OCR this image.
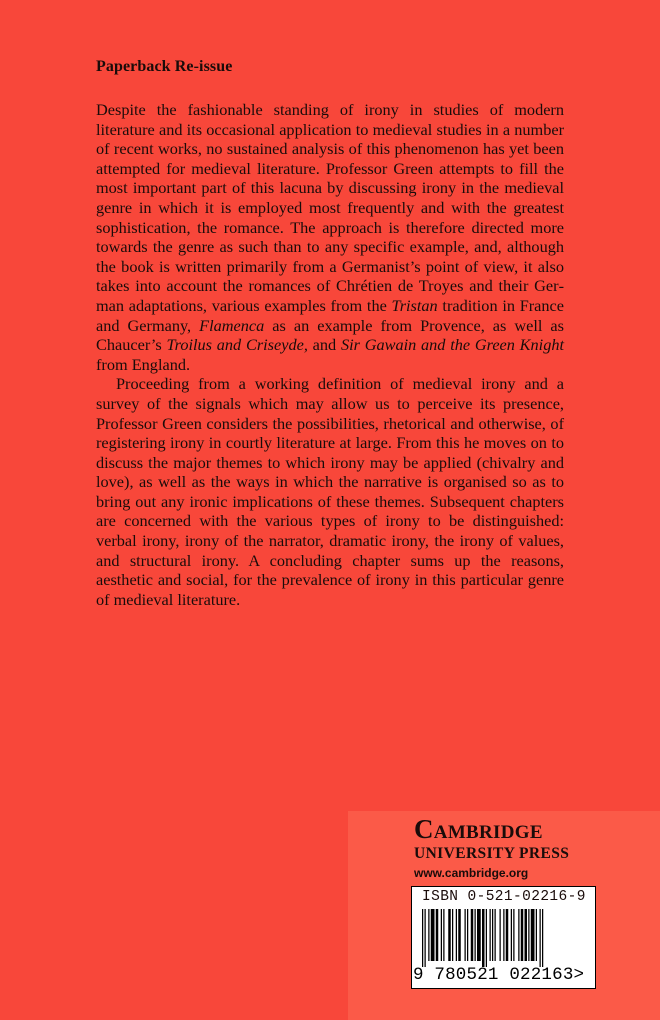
Paperback Re-issue

Despite the fashionable standing of irony in studies of modern literature and its occasional application to medieval studies in a number of recent works, no sustained analysis of this phenomenon has yet been attempted for medieval literature. Professor Green attempts to fill the most important part of this lacuna by discussing irony in the medieval genre in which it is employed most frequently and with the greatest sophistication, the romance. The approach is therefore directed more towards the genre as such than to any specific example, and, although the book is written primarily from a Germanist’s point of view, it also takes into account the romances of Chrétien de Troyes and their German adaptations, various examples from the Tristan tradition in France and Germany, Flamenca as an example from Provence, as well as Chaucer’s Troilus and Criseyde, and Sir Gawain and the Green Knight from England.

Proceeding from a working definition of medieval irony and a survey of the signals which may allow us to perceive its presence, Professor Green considers the possibilities, rhetorical and otherwise, of registering irony in courtly literature at large. From this he moves on to discuss the major themes to which irony may be applied (chivalry and love), as well as the ways in which the narrative is organised so as to bring out any ironic implications of these themes. Subsequent chapters are concerned with the various types of irony to be distinguished: verbal irony, irony of the narrator, dramatic irony, the irony of values, and structural irony. A concluding chapter sums up the reasons, aesthetic and social, for the prevalence of irony in this particular genre of medieval literature.

Cambridge
UNIVERSITY PRESS
www.cambridge.org
ISBN 0-521-02216-9
9 780521 022163>
